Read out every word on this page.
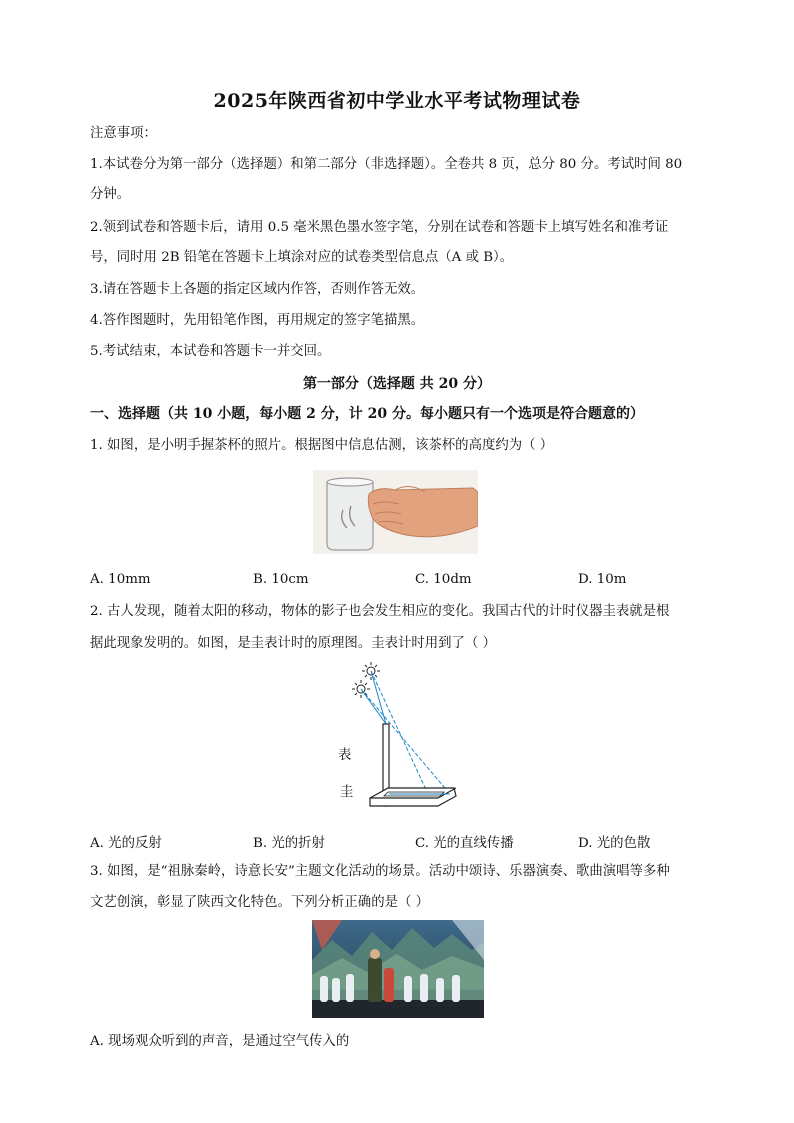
2025年陕西省初中学业水平考试物理试卷
注意事项：
1.本试卷分为第一部分（选择题）和第二部分（非选择题）。全卷共 8 页，总分 80 分。考试时间 80
分钟。
2.领到试卷和答题卡后，请用 0.5 毫米黑色墨水签字笔，分别在试卷和答题卡上填写姓名和准考证
号，同时用 2B 铅笔在答题卡上填涂对应的试卷类型信息点（A 或 B）。
3.请在答题卡上各题的指定区域内作答，否则作答无效。
4.答作图题时，先用铅笔作图，再用规定的签字笔描黑。
5.考试结束，本试卷和答题卡一并交回。
第一部分（选择题 共 20 分）
一、选择题（共 10 小题，每小题 2 分，计 20 分。每小题只有一个选项是符合题意的）
1. 如图，是小明手握茶杯的照片。根据图中信息估测，该茶杯的高度约为（ ）
A. 10mm	B. 10cm	C. 10dm	D. 10m
2. 古人发现，随着太阳的移动，物体的影子也会发生相应的变化。我国古代的计时仪器圭表就是根
据此现象发明的。如图，是圭表计时的原理图。圭表计时用到了（ ）
表
圭
A. 光的反射	B. 光的折射	C. 光的直线传播	D. 光的色散
3. 如图，是“祖脉秦岭，诗意长安”主题文化活动的场景。活动中颂诗、乐器演奏、歌曲演唱等多种
文艺创演，彰显了陕西文化特色。下列分析正确的是（ ）
A. 现场观众听到的声音，是通过空气传入的
